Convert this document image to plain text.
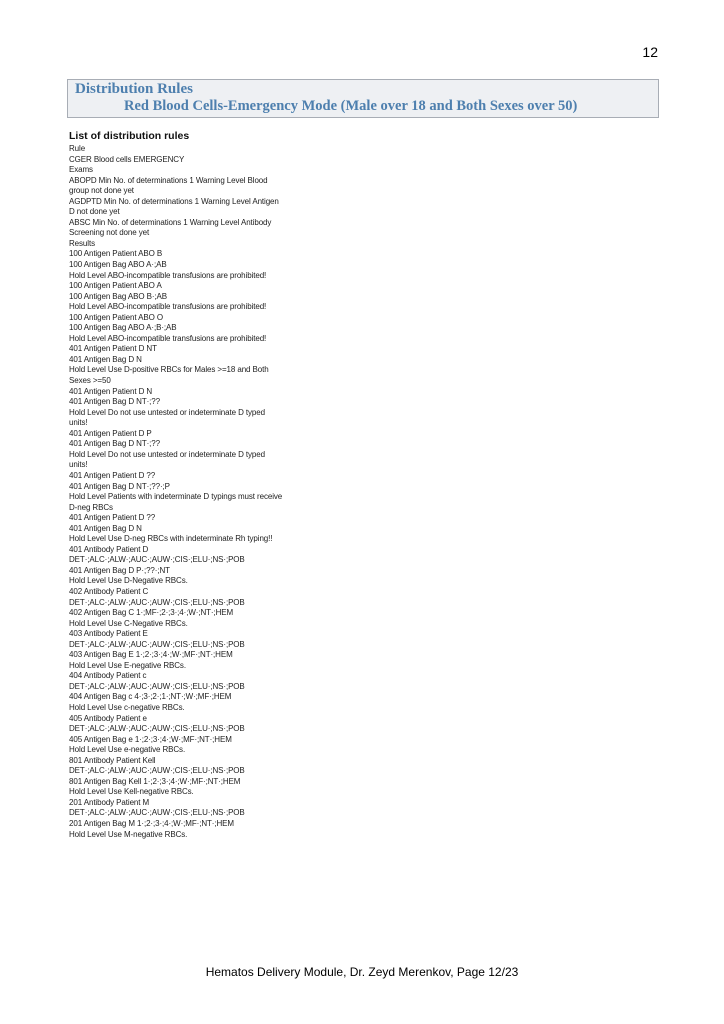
12
Distribution Rules
Red Blood Cells-Emergency Mode (Male over 18 and Both Sexes over 50)
List of distribution rules
Rule
CGER Blood cells EMERGENCY
Exams
ABOPD Min No. of determinations 1 Warning Level Blood
group not done yet
AGDPTD Min No. of determinations 1 Warning Level Antigen
D not done yet
ABSC Min No. of determinations 1 Warning Level Antibody
Screening not done yet
Results
100 Antigen Patient ABO B
100 Antigen Bag ABO A·;AB
Hold Level ABO-incompatible transfusions are prohibited!
100 Antigen Patient ABO A
100 Antigen Bag ABO B·;AB
Hold Level ABO-incompatible transfusions are prohibited!
100 Antigen Patient ABO O
100 Antigen Bag ABO A·;B·;AB
Hold Level ABO-incompatible transfusions are prohibited!
401 Antigen Patient D NT
401 Antigen Bag D N
Hold Level Use D-positive RBCs for Males >=18 and Both
Sexes >=50
401 Antigen Patient D N
401 Antigen Bag D NT·;??
Hold Level Do not use untested or indeterminate D typed
units!
401 Antigen Patient D P
401 Antigen Bag D NT·;??
Hold Level Do not use untested or indeterminate D typed
units!
401 Antigen Patient D ??
401 Antigen Bag D NT·;??·;P
Hold Level Patients with indeterminate D typings must receive
D-neg RBCs
401 Antigen Patient D ??
401 Antigen Bag D N
Hold Level Use D-neg RBCs with indeterminate Rh typing!!
401 Antibody Patient D
DET·;ALC·;ALW·;AUC·;AUW·;CIS·;ELU·;NS·;POB
401 Antigen Bag D P·;??·;NT
Hold Level Use D-Negative RBCs.
402 Antibody Patient C
DET·;ALC·;ALW·;AUC·;AUW·;CIS·;ELU·;NS·;POB
402 Antigen Bag C 1·;MF·;2·;3·;4·;W·;NT·;HEM
Hold Level Use C-Negative RBCs.
403 Antibody Patient E
DET·;ALC·;ALW·;AUC·;AUW·;CIS·;ELU·;NS·;POB
403 Antigen Bag E 1·;2·;3·;4·;W·;MF·;NT·;HEM
Hold Level Use E-negative RBCs.
404 Antibody Patient c
DET·;ALC·;ALW·;AUC·;AUW·;CIS·;ELU·;NS·;POB
404 Antigen Bag c 4·;3·;2·;1·;NT·;W·;MF·;HEM
Hold Level Use c-negative RBCs.
405 Antibody Patient e
DET·;ALC·;ALW·;AUC·;AUW·;CIS·;ELU·;NS·;POB
405 Antigen Bag e 1·;2·;3·;4·;W·;MF·;NT·;HEM
Hold Level Use e-negative RBCs.
801 Antibody Patient Kell
DET·;ALC·;ALW·;AUC·;AUW·;CIS·;ELU·;NS·;POB
801 Antigen Bag Kell 1·;2·;3·;4·;W·;MF·;NT·;HEM
Hold Level Use Kell-negative RBCs.
201 Antibody Patient M
DET·;ALC·;ALW·;AUC·;AUW·;CIS·;ELU·;NS·;POB
201 Antigen Bag M 1·;2·;3·;4·;W·;MF·;NT·;HEM
Hold Level Use M-negative RBCs.
Hematos Delivery Module, Dr. Zeyd Merenkov, Page 12/23
